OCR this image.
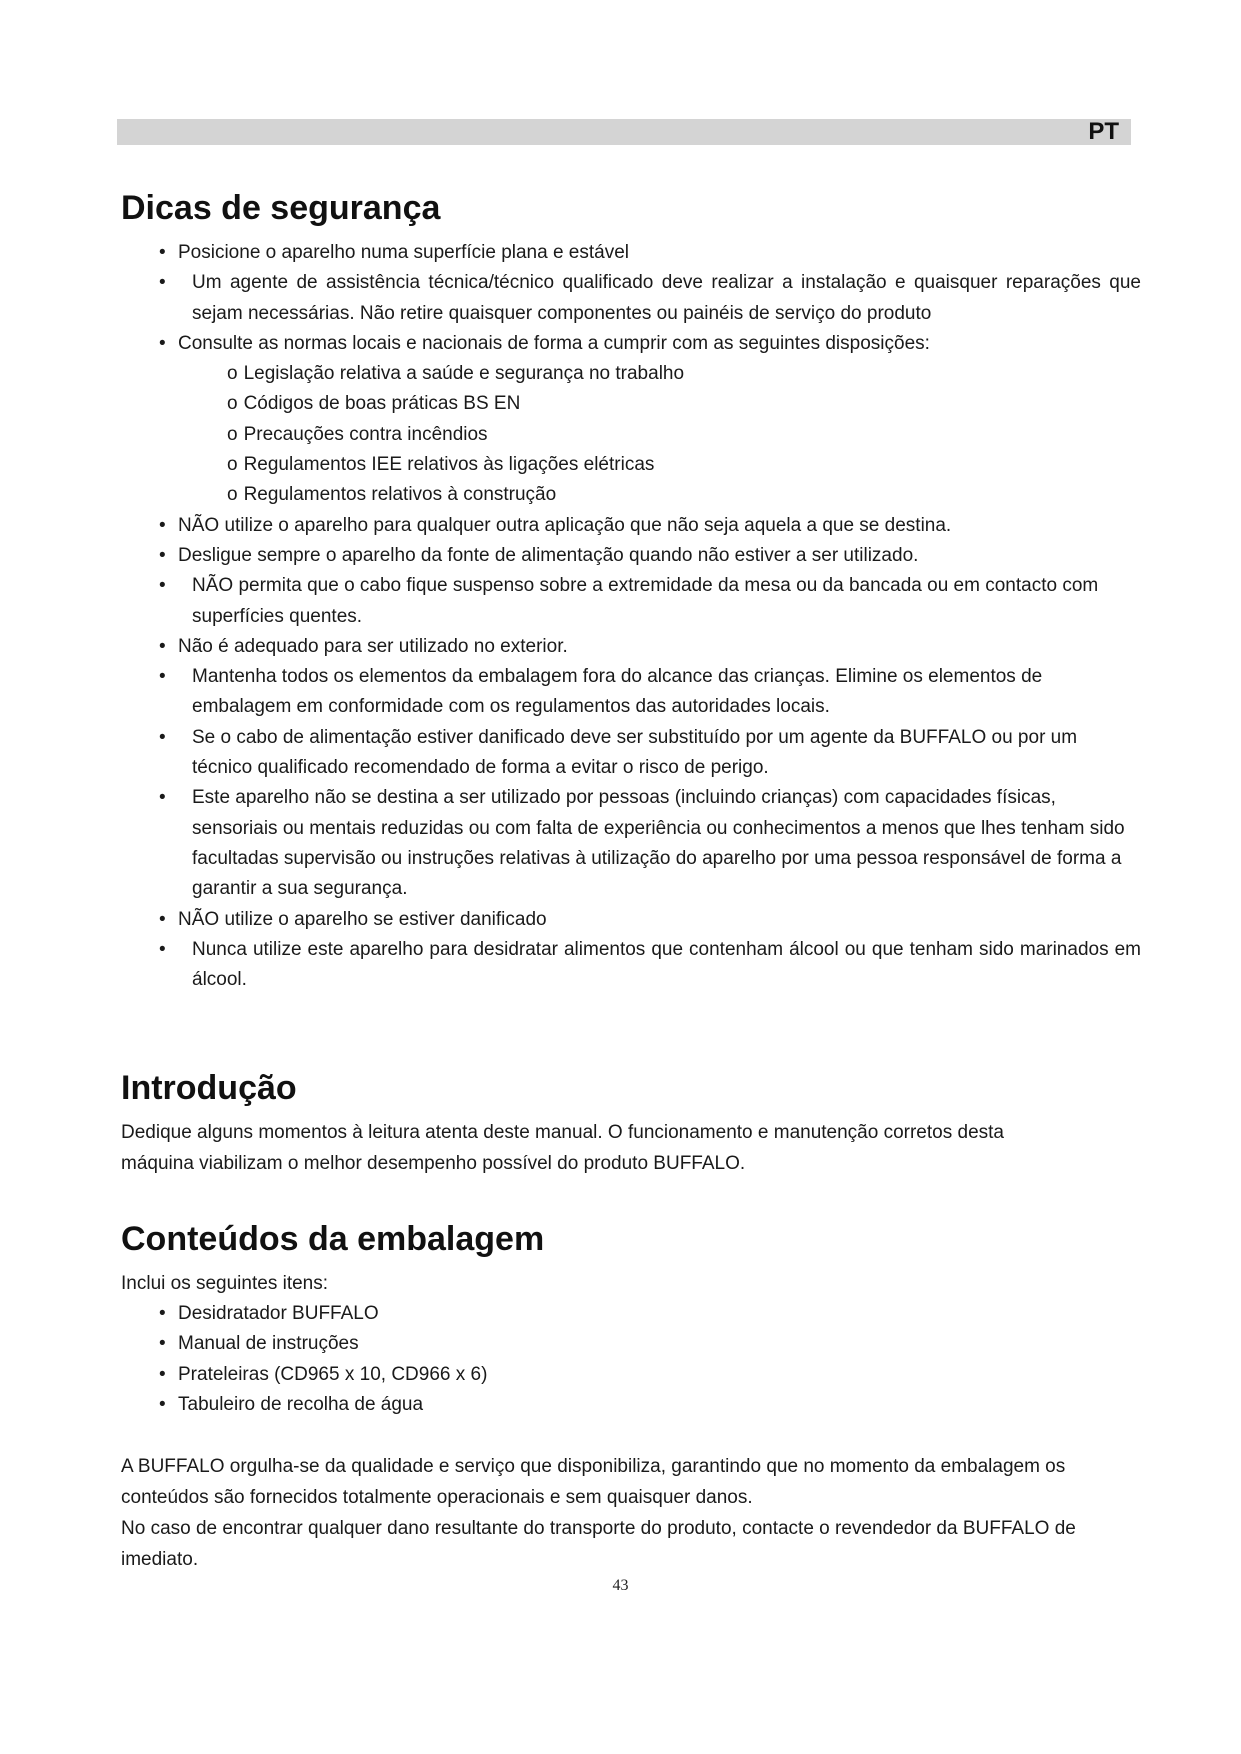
PT
Dicas de segurança
• Posicione o aparelho numa superfície plana e estável
• Um agente de assistência técnica/técnico qualificado deve realizar a instalação e quaisquer reparações que sejam necessárias. Não retire quaisquer componentes ou painéis de serviço do produto
• Consulte as normas locais e nacionais de forma a cumprir com as seguintes disposições:
o Legislação relativa a saúde e segurança no trabalho
o Códigos de boas práticas BS EN
o Precauções contra incêndios
o Regulamentos IEE relativos às ligações elétricas
o Regulamentos relativos à construção
• NÃO utilize o aparelho para qualquer outra aplicação que não seja aquela a que se destina.
• Desligue sempre o aparelho da fonte de alimentação quando não estiver a ser utilizado.
• NÃO permita que o cabo fique suspenso sobre a extremidade da mesa ou da bancada ou em contacto com superfícies quentes.
• Não é adequado para ser utilizado no exterior.
• Mantenha todos os elementos da embalagem fora do alcance das crianças. Elimine os elementos de embalagem em conformidade com os regulamentos das autoridades locais.
• Se o cabo de alimentação estiver danificado deve ser substituído por um agente da BUFFALO ou por um técnico qualificado recomendado de forma a evitar o risco de perigo.
• Este aparelho não se destina a ser utilizado por pessoas (incluindo crianças) com capacidades físicas, sensoriais ou mentais reduzidas ou com falta de experiência ou conhecimentos a menos que lhes tenham sido facultadas supervisão ou instruções relativas à utilização do aparelho por uma pessoa responsável de forma a garantir a sua segurança.
• NÃO utilize o aparelho se estiver danificado
• Nunca utilize este aparelho para desidratar alimentos que contenham álcool ou que tenham sido marinados em álcool.
Introdução

Dedique alguns momentos à leitura atenta deste manual. O funcionamento e manutenção corretos desta máquina viabilizam o melhor desempenho possível do produto BUFFALO.

Conteúdos da embalagem

Inclui os seguintes itens:

• Desidratador BUFFALO
• Manual de instruções
• Prateleiras (CD965 x 10, CD966 x 6)
• Tabuleiro de recolha de água

A BUFFALO orgulha-se da qualidade e serviço que disponibiliza, garantindo que no momento da embalagem os conteúdos são fornecidos totalmente operacionais e sem quaisquer danos.

No caso de encontrar qualquer dano resultante do transporte do produto, contacte o revendedor da BUFFALO de imediato.

43
